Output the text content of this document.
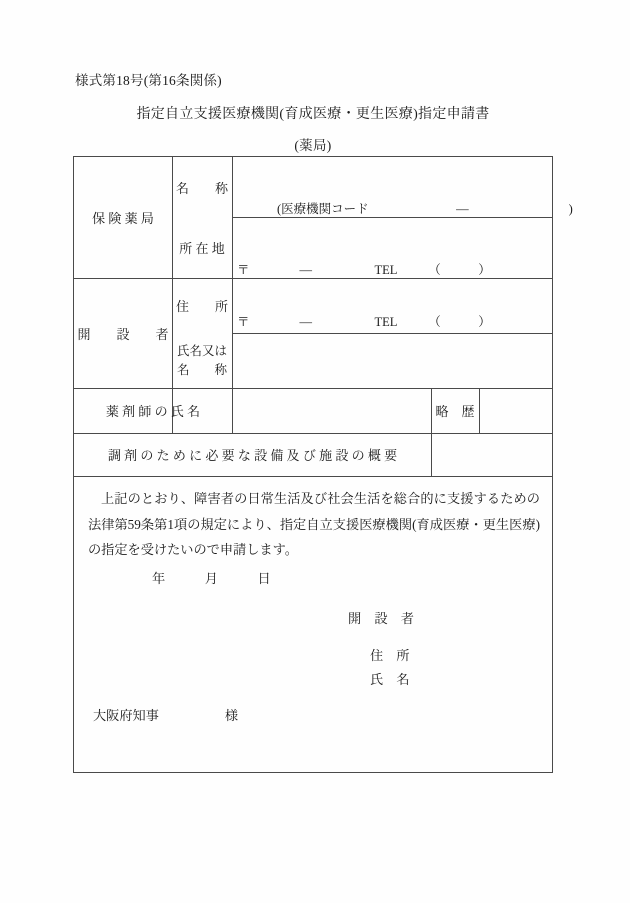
様式第18号(第16条関係)
指定自立支援医療機関(育成医療・更生医療)指定申請書
(薬局)
保 険 薬 局
名　　称
(医療機関コード　　　　　　　—　　　　　　　　)
所 在 地
〒　　　　—　　　　　TEL　　　（　　　）
開　　設　　者
住　　所
〒　　　　—　　　　　TEL　　　（　　　）
氏名又は
名　　称
薬 剤 師 の 氏 名	略　歴
調 剤 の た め に 必 要 な 設 備 及 び 施 設 の 概 要
上記のとおり、障害者の日常生活及び社会生活を総合的に支援するための法律第59条第1項の規定により、指定自立支援医療機関(育成医療・更生医療)の指定を受けたいので申請します。
年　　　月　　　日
開　設　者
住　所
氏　名
大阪府知事　　　　　様
